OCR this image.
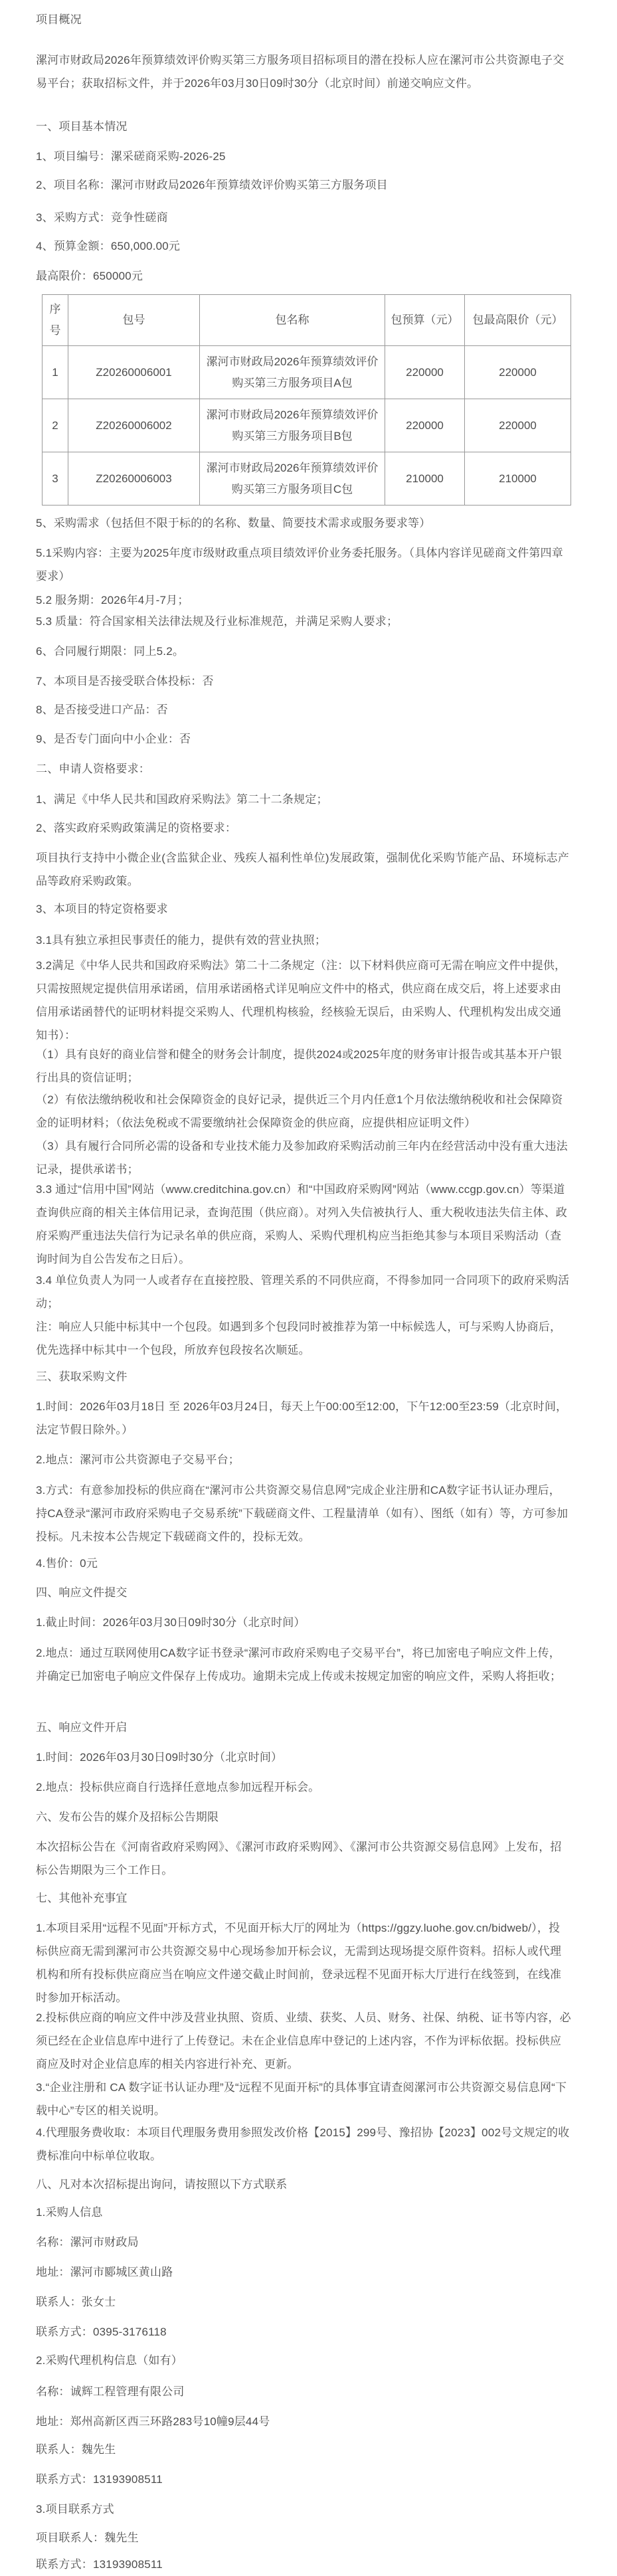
项目概况

漯河市财政局2026年预算绩效评价购买第三方服务项目招标项目的潜在投标人应在漯河市公共资源电子交易平台；获取招标文件，并于2026年03月30日09时30分（北京时间）前递交响应文件。

一、项目基本情况

1、项目编号：漯采磋商采购-2026-25

2、项目名称：漯河市财政局2026年预算绩效评价购买第三方服务项目

3、采购方式：竞争性磋商

4、预算金额：650,000.00元

最高限价：650000元

序号	包号	包名称	包预算（元）	包最高限价（元）
1	Z20260006001	漯河市财政局2026年预算绩效评价购买第三方服务项目A包	220000	220000
2	Z20260006002	漯河市财政局2026年预算绩效评价购买第三方服务项目B包	220000	220000
3	Z20260006003	漯河市财政局2026年预算绩效评价购买第三方服务项目C包	210000	210000

5、采购需求（包括但不限于标的的名称、数量、简要技术需求或服务要求等）

5.1采购内容：主要为2025年度市级财政重点项目绩效评价业务委托服务。（具体内容详见磋商文件第四章要求）

5.2 服务期：2026年4月-7月；

5.3 质量：符合国家相关法律法规及行业标准规范，并满足采购人要求；

6、合同履行期限：同上5.2。

7、本项目是否接受联合体投标：否

8、是否接受进口产品：否

9、是否专门面向中小企业：否

二、申请人资格要求：

1、满足《中华人民共和国政府采购法》第二十二条规定；

2、落实政府采购政策满足的资格要求：

项目执行支持中小微企业(含监狱企业、残疾人福利性单位)发展政策，强制优化采购节能产品、环境标志产品等政府采购政策。

3、本项目的特定资格要求

3.1具有独立承担民事责任的能力，提供有效的营业执照；

3.2满足《中华人民共和国政府采购法》第二十二条规定（注：以下材料供应商可无需在响应文件中提供，只需按照规定提供信用承诺函，信用承诺函格式详见响应文件中的格式，供应商在成交后，将上述要求由信用承诺函替代的证明材料提交采购人、代理机构核验，经核验无误后，由采购人、代理机构发出成交通知书）：

（1）具有良好的商业信誉和健全的财务会计制度，提供2024或2025年度的财务审计报告或其基本开户银行出具的资信证明；

（2）有依法缴纳税收和社会保障资金的良好记录，提供近三个月内任意1个月依法缴纳税收和社会保障资金的证明材料；（依法免税或不需要缴纳社会保障资金的供应商，应提供相应证明文件）

（3）具有履行合同所必需的设备和专业技术能力及参加政府采购活动前三年内在经营活动中没有重大违法记录，提供承诺书；

3.3 通过“信用中国”网站（www.creditchina.gov.cn）和“中国政府采购网”网站（www.ccgp.gov.cn）等渠道查询供应商的相关主体信用记录，查询范围（供应商）。对列入失信被执行人、重大税收违法失信主体、政府采购严重违法失信行为记录名单的供应商，采购人、采购代理机构应当拒绝其参与本项目采购活动（查询时间为自公告发布之日后）。

3.4 单位负责人为同一人或者存在直接控股、管理关系的不同供应商，不得参加同一合同项下的政府采购活动；

注：响应人只能中标其中一个包段。如遇到多个包段同时被推荐为第一中标候选人，可与采购人协商后，优先选择中标其中一个包段，所放弃包段按名次顺延。

三、获取采购文件

1.时间：2026年03月18日 至 2026年03月24日，每天上午00:00至12:00，下午12:00至23:59（北京时间，法定节假日除外。）

2.地点：漯河市公共资源电子交易平台；

3.方式：有意参加投标的供应商在“漯河市公共资源交易信息网”完成企业注册和CA数字证书认证办理后，持CA登录“漯河市政府采购电子交易系统”下载磋商文件、工程量清单（如有）、图纸（如有）等，方可参加投标。凡未按本公告规定下载磋商文件的，投标无效。

4.售价：0元

四、响应文件提交

1.截止时间：2026年03月30日09时30分（北京时间）

2.地点：通过互联网使用CA数字证书登录“漯河市政府采购电子交易平台”，将已加密电子响应文件上传，并确定已加密电子响应文件保存上传成功。逾期未完成上传或未按规定加密的响应文件，采购人将拒收；

五、响应文件开启

1.时间：2026年03月30日09时30分（北京时间）

2.地点：投标供应商自行选择任意地点参加远程开标会。

六、发布公告的媒介及招标公告期限

本次招标公告在《河南省政府采购网》、《漯河市政府采购网》、《漯河市公共资源交易信息网》上发布，招标公告期限为三个工作日。

七、其他补充事宜

1.本项目采用“远程不见面”开标方式，不见面开标大厅的网址为（https://ggzy.luohe.gov.cn/bidweb/），投标供应商无需到漯河市公共资源交易中心现场参加开标会议，无需到达现场提交原件资料。招标人或代理机构和所有投标供应商应当在响应文件递交截止时间前，登录远程不见面开标大厅进行在线签到，在线准时参加开标活动。

2.投标供应商的响应文件中涉及营业执照、资质、业绩、获奖、人员、财务、社保、纳税、证书等内容，必须已经在企业信息库中进行了上传登记。未在企业信息库中登记的上述内容，不作为评标依据。投标供应商应及时对企业信息库的相关内容进行补充、更新。

3.“企业注册和 CA 数字证书认证办理”及“远程不见面开标”的具体事宜请查阅漯河市公共资源交易信息网“下载中心”专区的相关说明。

4.代理服务费收取：本项目代理服务费用参照发改价格【2015】299号、豫招协【2023】002号文规定的收费标准向中标单位收取。

八、凡对本次招标提出询问，请按照以下方式联系

1.采购人信息

名称：漯河市财政局

地址：漯河市郾城区黄山路

联系人：张女士

联系方式：0395-3176118

2.采购代理机构信息（如有）

名称：诚辉工程管理有限公司

地址：郑州高新区西三环路283号10幢9层44号

联系人：魏先生

联系方式：13193908511

3.项目联系方式

项目联系人：魏先生

联系方式：13193908511
